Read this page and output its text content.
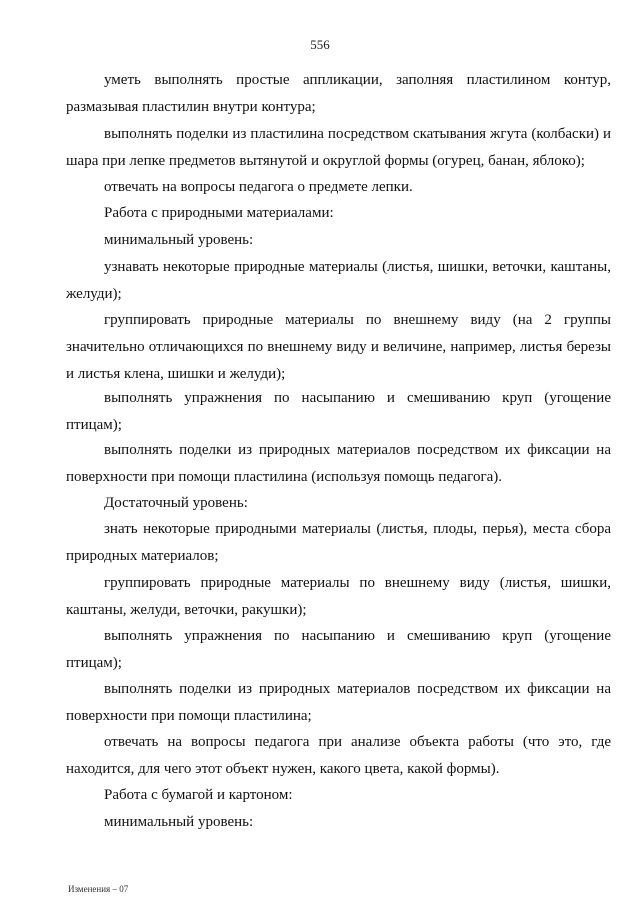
556

уметь выполнять простые аппликации, заполняя пластилином контур, размазывая пластилин внутри контура;

выполнять поделки из пластилина посредством скатывания жгута (колбаски) и шара при лепке предметов вытянутой и округлой формы (огурец, банан, яблоко);

отвечать на вопросы педагога о предмете лепки.

Работа с природными материалами:

минимальный уровень:

узнавать некоторые природные материалы (листья, шишки, веточки, каштаны, желуди);

группировать природные материалы по внешнему виду (на 2 группы значительно отличающихся по внешнему виду и величине, например, листья березы и листья клена, шишки и желуди);

выполнять упражнения по насыпанию и смешиванию круп (угощение птицам);

выполнять поделки из природных материалов посредством их фиксации на поверхности при помощи пластилина (используя помощь педагога).

Достаточный уровень:

знать некоторые природными материалы (листья, плоды, перья), места сбора природных материалов;

группировать природные материалы по внешнему виду (листья, шишки, каштаны, желуди, веточки, ракушки);

выполнять упражнения по насыпанию и смешиванию круп (угощение птицам);

выполнять поделки из природных материалов посредством их фиксации на поверхности при помощи пластилина;

отвечать на вопросы педагога при анализе объекта работы (что это, где находится, для чего этот объект нужен, какого цвета, какой формы).

Работа с бумагой и картоном:

минимальный уровень:

Изменения – 07
